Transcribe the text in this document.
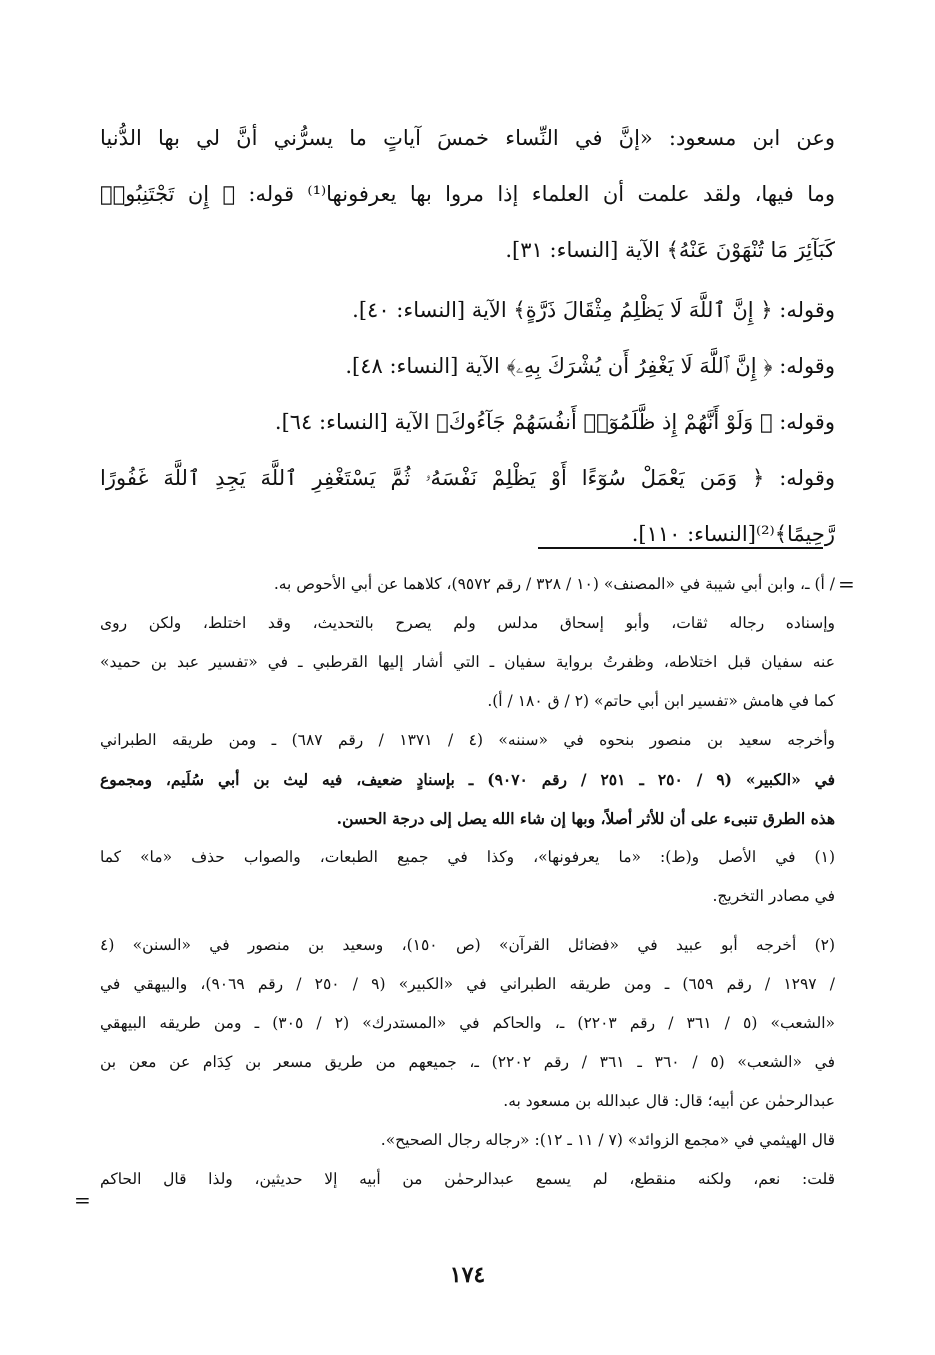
وعن ابن مسعود: «إنَّ في النِّساء خمسَ آياتٍ ما يسرُّني أنَّ لي بها الدُّنيا
وما فيها، ولقد علمت أن العلماء إذا مروا بها يعرفونها⁽¹⁾ قوله: ﴿ إِن تَجْتَنِبُوا۟
كَبَآئِرَ مَا تُنْهَوْنَ عَنْهُ﴾ الآية [النساء: ٣١].
وقوله: ﴿ إِنَّ ٱللَّهَ لَا يَظْلِمُ مِثْقَالَ ذَرَّةٍ﴾ الآية [النساء: ٤٠].
وقوله: ﴿ إِنَّ ٱللَّهَ لَا يَغْفِرُ أَن يُشْرَكَ بِهِۦ﴾ الآية [النساء: ٤٨].
وقوله: ﴿ وَلَوْ أَنَّهُمْ إِذ ظَّلَمُوٓا۟ أَنفُسَهُمْ جَآءُوكَ﴾ الآية [النساء: ٦٤].
وقوله: ﴿ وَمَن يَعْمَلْ سُوٓءًا أَوْ يَظْلِمْ نَفْسَهُۥ ثُمَّ يَسْتَغْفِرِ ٱللَّهَ يَجِدِ ٱللَّهَ غَفُورًا
رَّحِيمًا﴾⁽²⁾[النساء: ١١٠].
=
/ أ) ـ، وابن أبي شيبة في «المصنف» (١٠ / ٣٢٨ / رقم ٩٥٧٢)، كلاهما عن أبي الأحوص به.
وإسناده رجاله ثقات، وأبو إسحاق مدلس ولم يصرح بالتحديث، وقد اختلط، ولكن روى
عنه سفيان قبل اختلاطه، وظفرتُ برواية سفيان ـ التي أشار إليها القرطبي ـ في «تفسير عبد بن حميد»
كما في هامش «تفسير ابن أبي حاتم» (٢ / ق ١٨٠ / أ).
وأخرجه سعيد بن منصور بنحوه في «سننه» (٤ / ١٣٧١ / رقم ٦٨٧) ـ ومن طريقه الطبراني
في «الكبير» (٩ / ٢٥٠ ـ ٢٥١ / رقم ٩٠٧٠) ـ بإسنادٍ ضعيف، فيه ليث بن أبي سُلَيم، ومجموع
هذه الطرق تنبىء على أن للأثر أصلاً، وبها إن شاء الله يصل إلى درجة الحسن.
(١) في الأصل و(ط): «ما يعرفونها»، وكذا في جميع الطبعات، والصواب حذف «ما» كما
في مصادر التخريج.
(٢) أخرجه أبو عبيد في «فضائل القرآن» (ص ١٥٠)، وسعيد بن منصور في «السنن» (٤
/ ١٢٩٧ / رقم ٦٥٩) ـ ومن طريقه الطبراني في «الكبير» (٩ / ٢٥٠ / رقم ٩٠٦٩)، والبيهقي في
«الشعب» (٥ / ٣٦١ / رقم ٢٢٠٣) ـ، والحاكم في «المستدرك» (٢ / ٣٠٥) ـ ومن طريقه البيهقي
في «الشعب» (٥ / ٣٦٠ ـ ٣٦١ / رقم ٢٢٠٢) ـ، جميعهم من طريق مسعر بن كِدَام عن معن بن
عبدالرحمٰن عن أبيه؛ قال: قال عبدالله بن مسعود به.
قال الهيثمي في «مجمع الزوائد» (٧ / ١١ ـ ١٢): «رجاله رجال الصحيح».
قلت: نعم، ولكنه منقطع، لم يسمع عبدالرحمٰن من أبيه إلا حديثين، ولذا قال الحاكم
=
١٧٤
